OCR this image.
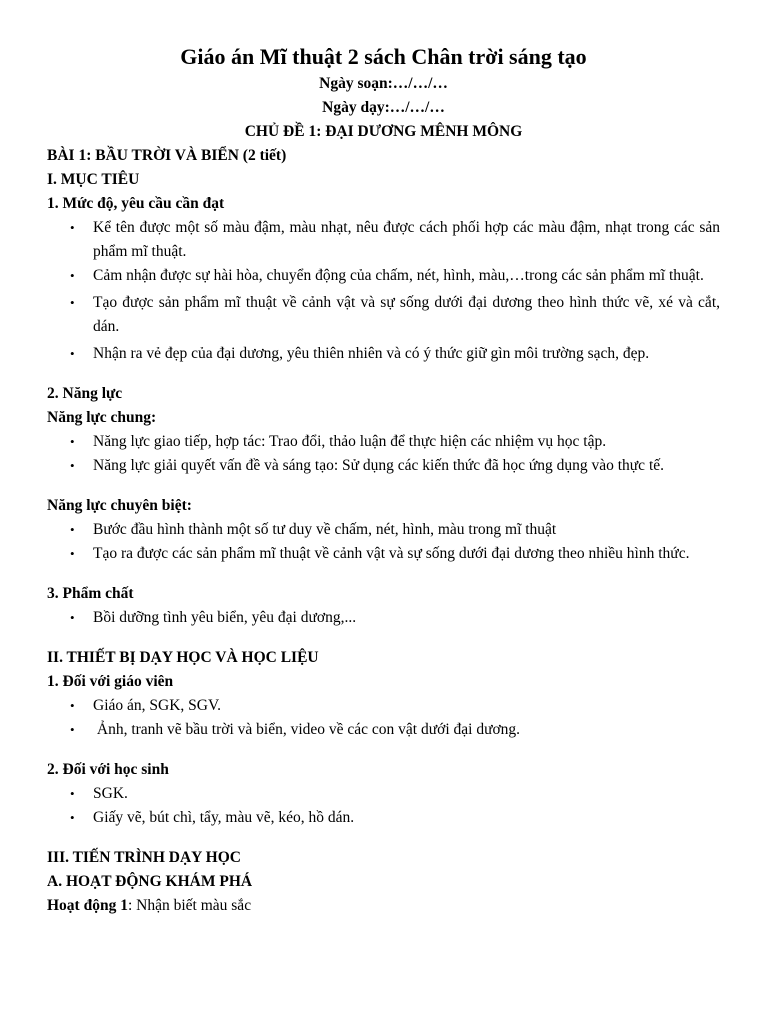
Giáo án Mĩ thuật 2 sách Chân trời sáng tạo

Ngày soạn:…/…/…

Ngày dạy:…/…/…

CHỦ ĐỀ 1: ĐẠI DƯƠNG MÊNH MÔNG

BÀI 1: BẦU TRỜI VÀ BIỂN (2 tiết)

I. MỤC TIÊU

1. Mức độ, yêu cầu cần đạt

• Kể tên được một số màu đậm, màu nhạt, nêu được cách phối hợp các màu đậm, nhạt trong các sản phẩm mĩ thuật.
• Cảm nhận được sự hài hòa, chuyển động của chấm, nét, hình, màu,…trong các sản phẩm mĩ thuật.
• Tạo được sản phẩm mĩ thuật về cảnh vật và sự sống dưới đại dương theo hình thức vẽ, xé và cắt, dán.
• Nhận ra vẻ đẹp của đại dương, yêu thiên nhiên và có ý thức giữ gìn môi trường sạch, đẹp.

2. Năng lực

Năng lực chung:

• Năng lực giao tiếp, hợp tác: Trao đổi, thảo luận để thực hiện các nhiệm vụ học tập.
• Năng lực giải quyết vấn đề và sáng tạo: Sử dụng các kiến thức đã học ứng dụng vào thực tế.

Năng lực chuyên biệt:

• Bước đầu hình thành một số tư duy về chấm, nét, hình, màu trong mĩ thuật
• Tạo ra được các sản phẩm mĩ thuật về cảnh vật và sự sống dưới đại dương theo nhiều hình thức.

3. Phẩm chất

• Bồi dưỡng tình yêu biển, yêu đại dương,...

II. THIẾT BỊ DẠY HỌC VÀ HỌC LIỆU

1. Đối với giáo viên

• Giáo án, SGK, SGV.
•  Ảnh, tranh vẽ bầu trời và biển, video về các con vật dưới đại dương.

2. Đối với học sinh

• SGK.
• Giấy vẽ, bút chì, tẩy, màu vẽ, kéo, hồ dán.

III. TIẾN TRÌNH DẠY HỌC

A. HOẠT ĐỘNG KHÁM PHÁ

Hoạt động 1: Nhận biết màu sắc
